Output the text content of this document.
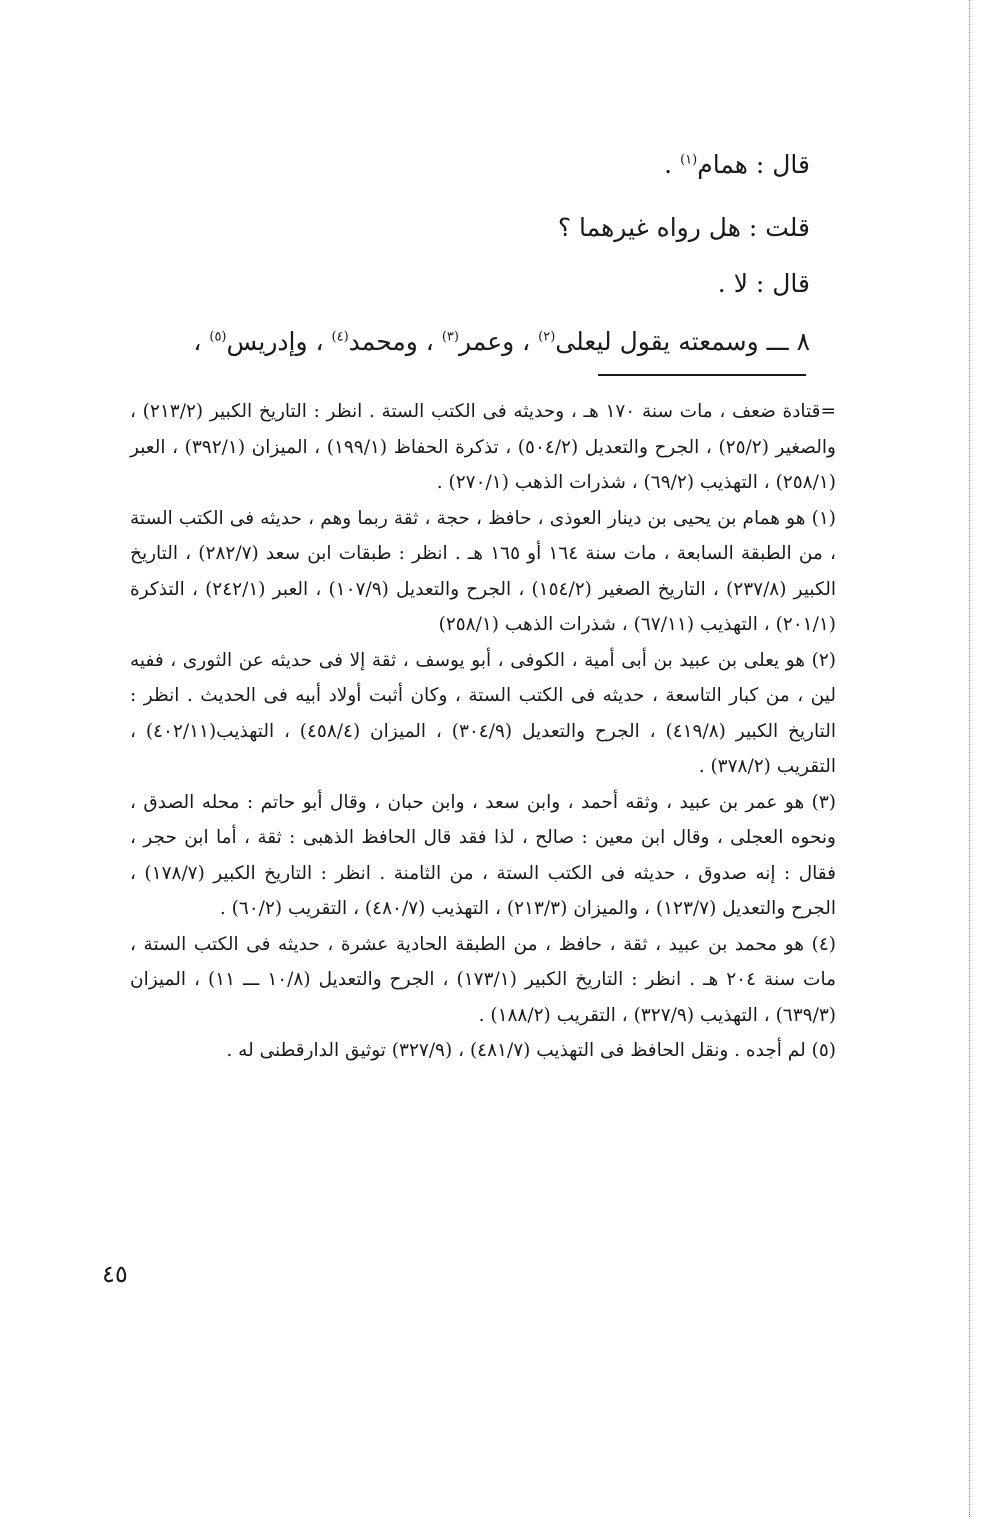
قال : همام$^{(١)}$ .
قلت : هل رواه غيرهما ؟
قال : لا .
٨ ـــ وسمعته يقول ليعلى$^{(٢)}$ ، وعمر$^{(٣)}$ ، ومحمد$^{(٤)}$ ، وإدريس$^{(٥)}$ ،

=قتادة ضعف ، مات سنة ١٧٠ هـ ، وحديثه فى الكتب الستة . انظر : التاريخ الكبير (٢١٣/٢) ، والصغير (٢٥/٢) ، الجرح والتعديل (٥٠٤/٢) ، تذكرة الحفاظ (١٩٩/١) ، الميزان (٣٩٢/١) ، العبر (٢٥٨/١) ، التهذيب (٦٩/٢) ، شذرات الذهب (٢٧٠/١) .

(١) هو همام بن يحيى بن دينار العوذى ، حافظ ، حجة ، ثقة ربما وهم ، حديثه فى الكتب الستة ، من الطبقة السابعة ، مات سنة ١٦٤ أو ١٦٥ هـ . انظر : طبقات ابن سعد (٢٨٢/٧) ، التاريخ الكبير (٢٣٧/٨) ، التاريخ الصغير (١٥٤/٢) ، الجرح والتعديل (١٠٧/٩) ، العبر (٢٤٢/١) ، التذكرة (٢٠١/١) ، التهذيب (٦٧/١١) ، شذرات الذهب (٢٥٨/١)

(٢) هو يعلى بن عبيد بن أبى أمية ، الكوفى ، أبو يوسف ، ثقة إلا فى حديثه عن الثورى ، ففيه لين ، من كبار التاسعة ، حديثه فى الكتب الستة ، وكان أثبت أولاد أبيه فى الحديث . انظر : التاريخ الكبير (٤١٩/٨) ، الجرح والتعديل (٣٠٤/٩) ، الميزان (٤٥٨/٤) ، التهذيب(٤٠٢/١١) ، التقريب (٣٧٨/٢) .

(٣) هو عمر بن عبيد ، وثقه أحمد ، وابن سعد ، وابن حبان ، وقال أبو حاتم : محله الصدق ، ونحوه العجلى ، وقال ابن معين : صالح ، لذا فقد قال الحافظ الذهبى : ثقة ، أما ابن حجر ، فقال : إنه صدوق ، حديثه فى الكتب الستة ، من الثامنة . انظر : التاريخ الكبير (١٧٨/٧) ، الجرح والتعديل (١٢٣/٧) ، والميزان (٢١٣/٣) ، التهذيب (٤٨٠/٧) ، التقريب (٦٠/٢) .

(٤) هو محمد بن عبيد ، ثقة ، حافظ ، من الطبقة الحادية عشرة ، حديثه فى الكتب الستة ، مات سنة ٢٠٤ هـ . انظر : التاريخ الكبير (١٧٣/١) ، الجرح والتعديل (١٠/٨ ـــ ١١) ، الميزان (٦٣٩/٣) ، التهذيب (٣٢٧/٩) ، التقريب (١٨٨/٢) .

(٥) لم أجده . ونقل الحافظ فى التهذيب (٤٨١/٧) ، (٣٢٧/٩) توثيق الدارقطنى له .

٤٥
